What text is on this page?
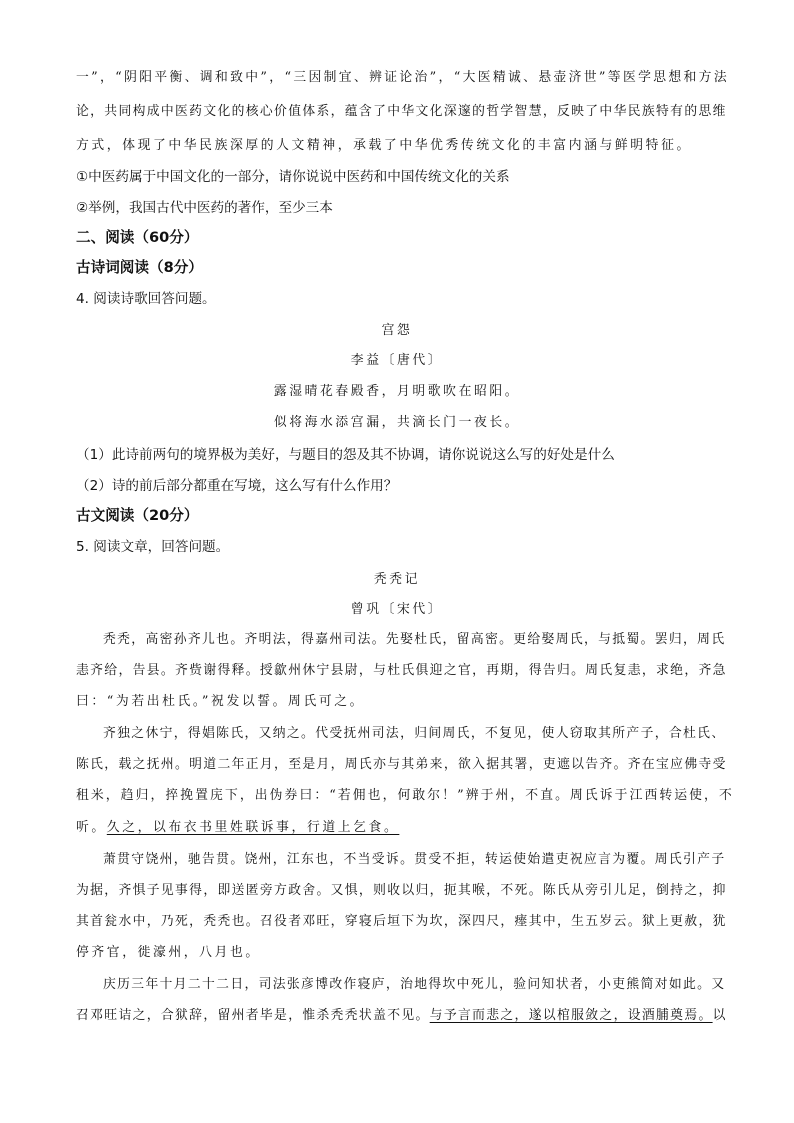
一”，“阴阳平衡、调和致中”，“三因制宜、辨证论治”，“大医精诚、悬壶济世”等医学思想和方法
论，共同构成中医药文化的核心价值体系，蕴含了中华文化深邃的哲学智慧，反映了中华民族特有的思维
方式，体现了中华民族深厚的人文精神，承载了中华优秀传统文化的丰富内涵与鲜明特征。
①中医药属于中国文化的一部分，请你说说中医药和中国传统文化的关系
②举例，我国古代中医药的著作，至少三本
二、阅读（60分）
古诗词阅读（8分）
4. 阅读诗歌回答问题。
宫怨
李益〔唐代〕
露湿晴花春殿香，月明歌吹在昭阳。
似将海水添宫漏，共滴长门一夜长。
（1）此诗前两句的境界极为美好，与题目的怨及其不协调，请你说说这么写的好处是什么
（2）诗的前后部分都重在写境，这么写有什么作用？
古文阅读（20分）
5. 阅读文章，回答问题。
秃秃记
曾巩〔宋代〕
秃秃，高密孙齐儿也。齐明法，得嘉州司法。先娶杜氏，留高密。更给娶周氏，与抵蜀。罢归，周氏
恚齐给，告县。齐赀谢得释。授歙州休宁县尉，与杜氏俱迎之官，再期，得告归。周氏复恚，求绝，齐急
曰：“为若出杜氏。”祝发以誓。周氏可之。
齐独之休宁，得娼陈氏，又纳之。代受抚州司法，归间周氏，不复见，使人窃取其所产子，合杜氏、
陈氏，载之抚州。明道二年正月，至是月，周氏亦与其弟来，欲入据其署，吏遮以告齐。齐在宝应佛寺受
租米，趋归，捽挽置庑下，出伪券曰：“若佣也，何敢尔！”辨于州，不直。周氏诉于江西转运使，不
听。久之，以布衣书里姓联诉事，行道上乞食。
萧贯守饶州，驰告贯。饶州，江东也，不当受诉。贯受不拒，转运使始遣吏祝应言为覆。周氏引产子
为据，齐惧子见事得，即送匿旁方政舍。又惧，则收以归，扼其喉，不死。陈氏从旁引儿足，倒持之，抑
其首瓮水中，乃死，秃秃也。召役者邓旺，穿寝后垣下为坎，深四尺，瘗其中，生五岁云。狱上更赦，犹
停齐官，徙濠州，八月也。
庆历三年十月二十二日，司法张彦博改作寝庐，治地得坎中死儿，验问知状者，小吏熊简对如此。又
召邓旺诘之，合狱辞，留州者毕是，惟杀秃秃状盖不见。与予言而悲之，遂以棺服敛之，设酒脯奠焉。以
